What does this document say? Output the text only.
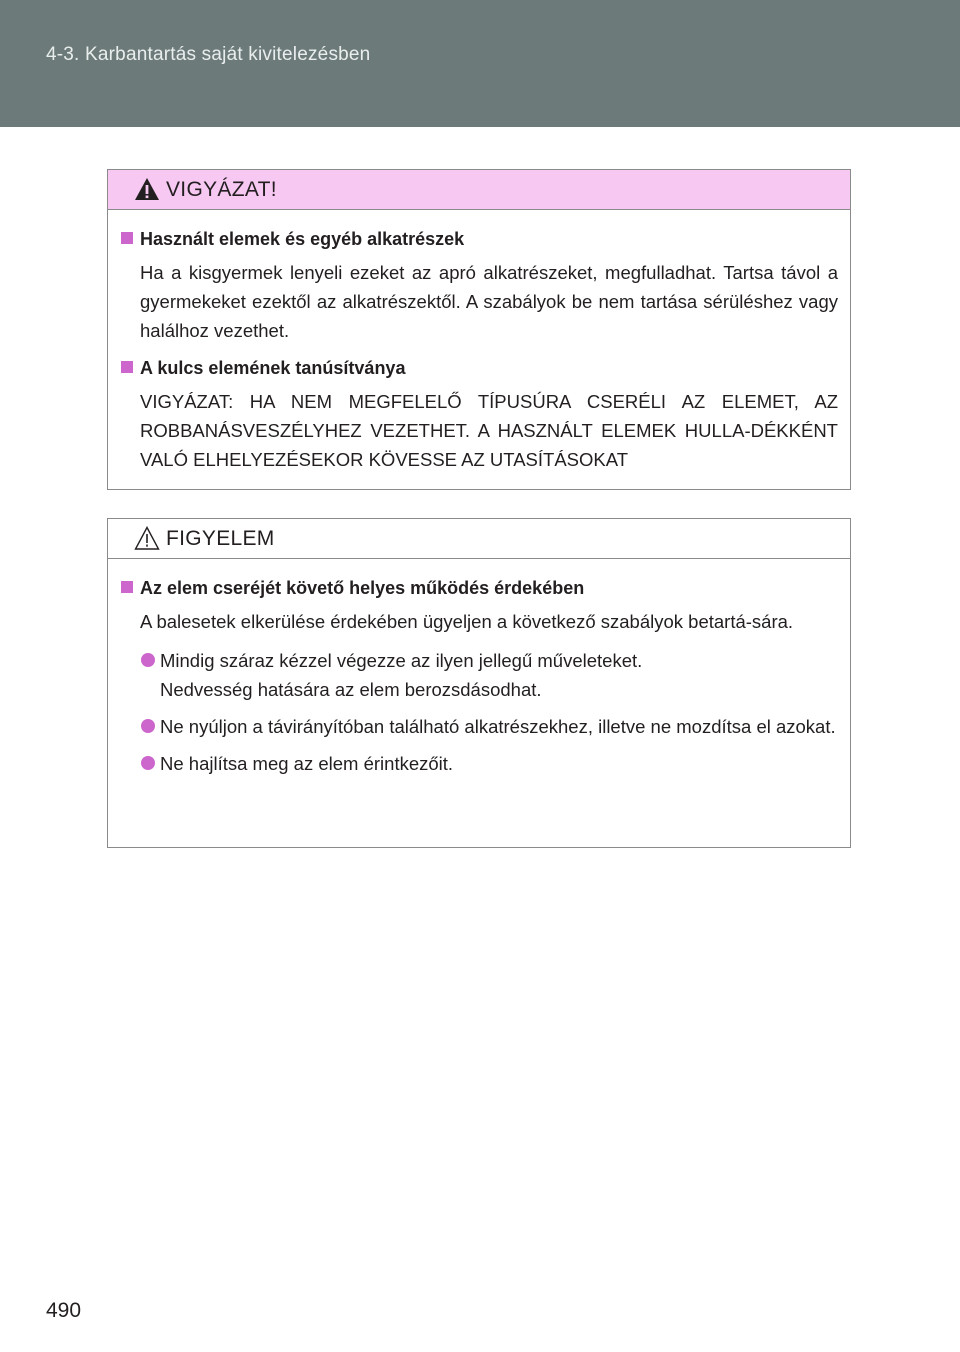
4-3. Karbantartás saját kivitelezésben
VIGYÁZAT!
Használt elemek és egyéb alkatrészek
Ha a kisgyermek lenyeli ezeket az apró alkatrészeket, megfulladhat. Tartsa távol a gyermekeket ezektől az alkatrészektől. A szabályok be nem tartása sérüléshez vagy halálhoz vezethet.
A kulcs elemének tanúsítványa
VIGYÁZAT: HA NEM MEGFELELŐ TÍPUSÚRA CSERÉLI AZ ELEMET, AZ ROBBANÁSVESZÉLYHEZ VEZETHET. A HASZNÁLT ELEMEK HULLA-DÉKKÉNT VALÓ ELHELYEZÉSEKOR KÖVESSE AZ UTASÍTÁSOKAT
FIGYELEM
Az elem cseréjét követő helyes működés érdekében
A balesetek elkerülése érdekében ügyeljen a következő szabályok betartá-sára.
Mindig száraz kézzel végezze az ilyen jellegű műveleteket.
Nedvesség hatására az elem berozsdásodhat.
Ne nyúljon a távirányítóban található alkatrészekhez, illetve ne mozdítsa el azokat.
Ne hajlítsa meg az elem érintkezőit.
490
